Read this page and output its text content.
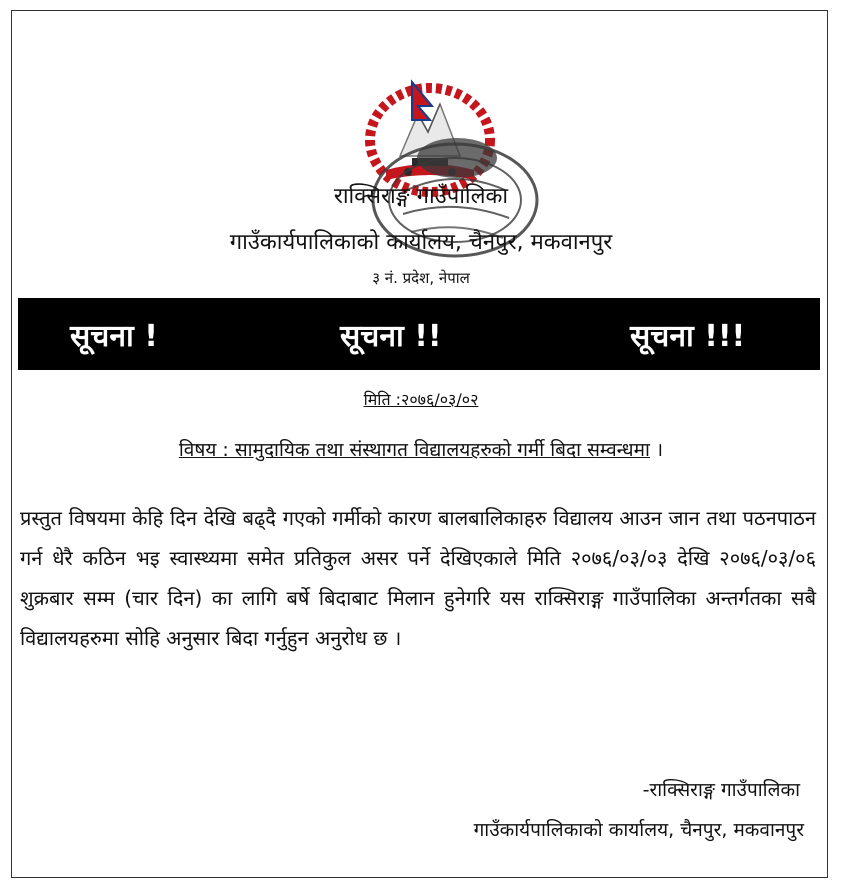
राक्सिराङ्ग गाउँपालिका
गाउँकार्यपालिकाको कार्यालय, चैनपुर, मकवानपुर
३ नं. प्रदेश, नेपाल
सूचना !	सूचना !!	सूचना !!!
मिति :२०७६/०३/०२
विषय : सामुदायिक तथा संस्थागत विद्यालयहरुको गर्मी बिदा सम्वन्धमा ।
प्रस्तुत विषयमा केहि दिन देखि बढ्दै गएको गर्मीको कारण बालबालिकाहरु विद्यालय आउन जान तथा पठनपाठन गर्न धेरै कठिन भइ स्वास्थ्यमा समेत प्रतिकुल असर पर्ने देखिएकाले मिति २०७६/०३/०३ देखि २०७६/०३/०६ शुक्रबार सम्म (चार दिन) का लागि बर्षे बिदाबाट मिलान हुनेगरि यस राक्सिराङ्ग गाउँपालिका अन्तर्गतका सबै विद्यालयहरुमा सोहि अनुसार बिदा गर्नुहुन अनुरोध छ ।
-राक्सिराङ्ग गाउँपालिका
गाउँकार्यपालिकाको कार्यालय, चैनपुर, मकवानपुर
